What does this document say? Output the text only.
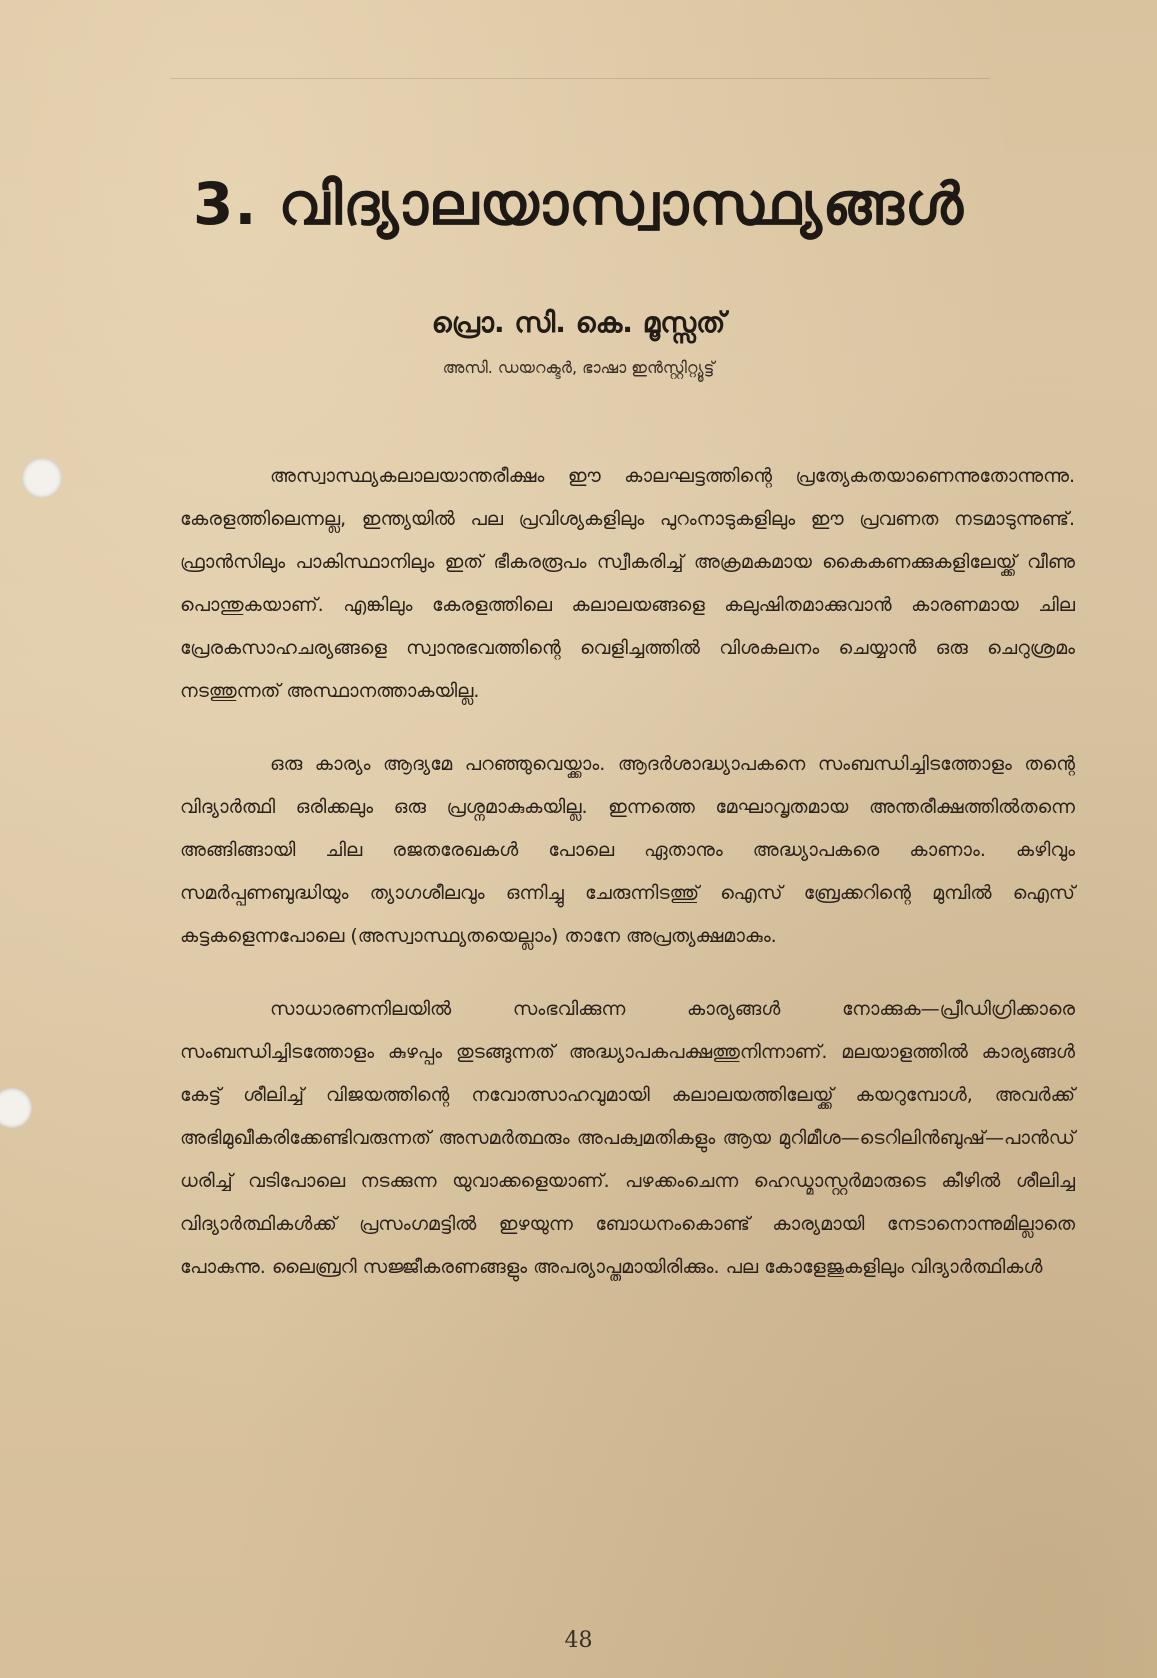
3. വിദ്യാലയാസ്വാസ്ഥ്യങ്ങൾ
പ്രൊ. സി. കെ. മൂസ്സത്
അസി. ഡയറക്ടർ, ഭാഷാ ഇൻസ്റ്റിറ്റ്യൂട്ട്

അസ്വാസ്ഥ്യകലാലയാന്തരീക്ഷം ഈ കാലഘട്ടത്തിന്റെ പ്രത്യേകതയാണെന്നുതോന്നുന്നു. കേരളത്തിലെന്നല്ല, ഇന്ത്യയിൽ പല പ്രവിശ്യകളിലും പുറംനാടുകളിലും ഈ പ്രവണത നടമാടുന്നുണ്ട്. ഫ്രാൻസിലും പാകിസ്ഥാനിലും ഇത് ഭീകരരൂപം സ്വീകരിച്ച് അക്രമകമായ കൈകണക്കുകളിലേയ്ക്ക് വീണു പൊന്തുകയാണ്. എങ്കിലും കേരളത്തിലെ കലാലയങ്ങളെ കലുഷിതമാക്കുവാൻ കാരണമായ ചില പ്രേരകസാഹചര്യങ്ങളെ സ്വാനുഭവത്തിന്റെ വെളിച്ചത്തിൽ വിശകലനം ചെയ്യാൻ ഒരു ചെറുശ്രമം നടത്തുന്നത് അസ്ഥാനത്താകയില്ല.

ഒരു കാര്യം ആദ്യമേ പറഞ്ഞുവെയ്ക്കാം. ആദർശാദ്ധ്യാപകനെ സംബന്ധിച്ചിടത്തോളം തന്റെ വിദ്യാർത്ഥി ഒരിക്കലും ഒരു പ്രശ്നമാകുകയില്ല. ഇന്നത്തെ മേഘാവൃതമായ അന്തരീക്ഷത്തിൽതന്നെ അങ്ങിങ്ങായി ചില രജതരേഖകൾ പോലെ ഏതാനും അദ്ധ്യാപകരെ കാണാം. കഴിവും സമർപ്പണബുദ്ധിയും ത്യാഗശീലവും ഒന്നിച്ചു ചേരുന്നിടത്തു് ഐസ് ബ്രേക്കറിന്റെ മുമ്പിൽ ഐസ് കട്ടകളെന്നപോലെ (അസ്വാസ്ഥ്യതയെല്ലാം) താനേ അപ്രത്യക്ഷമാകും.

സാധാരണനിലയിൽ സംഭവിക്കുന്ന കാര്യങ്ങൾ നോക്കുക—പ്രീഡിഗ്രിക്കാരെ സംബന്ധിച്ചിടത്തോളം കുഴപ്പം തുടങ്ങുന്നത് അദ്ധ്യാപകപക്ഷത്തുനിന്നാണ്. മലയാളത്തിൽ കാര്യങ്ങൾ കേട്ട് ശീലിച്ച് വിജയത്തിന്റെ നവോത്സാഹവുമായി കലാലയത്തിലേയ്ക്ക് കയറുമ്പോൾ, അവർക്ക് അഭിമുഖീകരിക്കേണ്ടിവരുന്നത് അസമർത്ഥരും അപക്വമതികളും ആയ മുറിമീശ—ടെറിലിൻബുഷ്—പാൻഡ് ധരിച്ച് വടിപോലെ നടക്കുന്ന യുവാക്കളെയാണ്. പഴക്കംചെന്ന ഹെഡ്മാസ്റ്റർമാരുടെ കീഴിൽ ശീലിച്ച വിദ്യാർത്ഥികൾക്ക് പ്രസംഗമട്ടിൽ ഇഴയുന്ന ബോധനംകൊണ്ട് കാര്യമായി നേടാനൊന്നുമില്ലാതെ പോകുന്നു. ലൈബ്രറി സജ്ജീകരണങ്ങളും അപര്യാപ്തമായിരിക്കും. പല കോളേജുകളിലും വിദ്യാർത്ഥികൾ

48
